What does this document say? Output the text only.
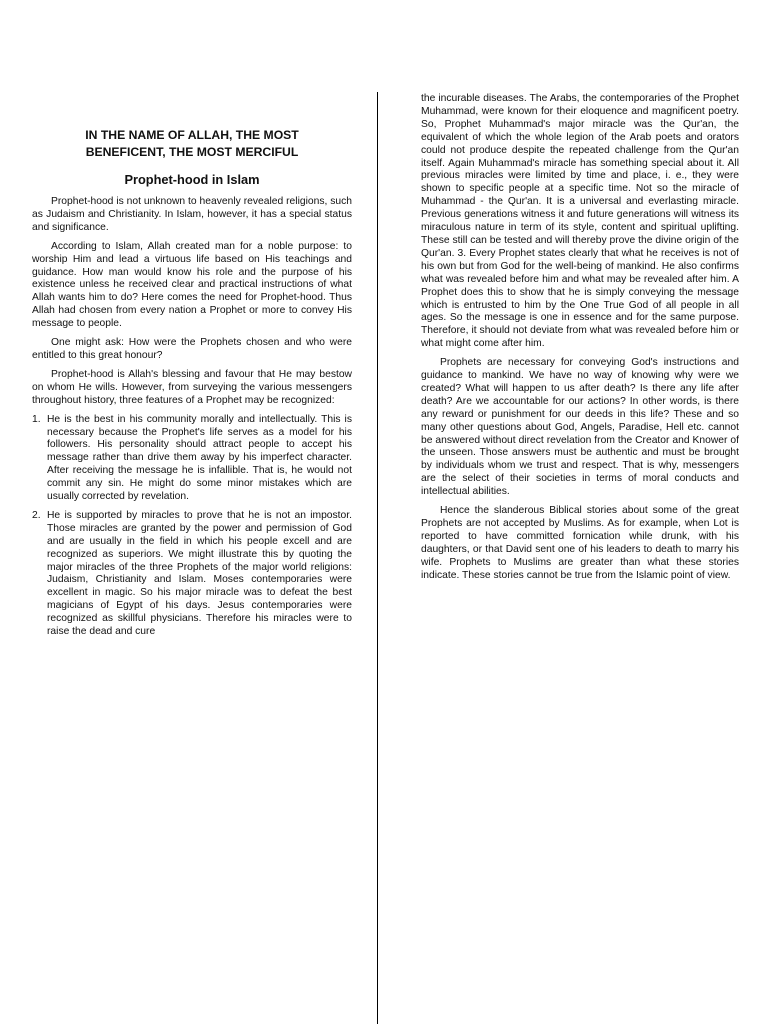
IN THE NAME OF ALLAH, THE MOST BENEFICENT, THE MOST MERCIFUL
Prophet-hood in Islam

Prophet-hood is not unknown to heavenly revealed religions, such as Judaism and Christianity. In Islam, however, it has a special status and significance.

According to Islam, Allah created man for a noble purpose: to worship Him and lead a virtuous life based on His teachings and guidance. How man would know his role and the purpose of his existence unless he received clear and practical instructions of what Allah wants him to do? Here comes the need for Prophet-hood. Thus Allah had chosen from every nation a Prophet or more to convey His message to people.

One might ask: How were the Prophets chosen and who were entitled to this great honour?

Prophet-hood is Allah's blessing and favour that He may bestow on whom He wills. However, from surveying the various messengers throughout history, three features of a Prophet may be recognized:

1. He is the best in his community morally and intellectually. This is necessary because the Prophet's life serves as a model for his followers. His personality should attract people to accept his message rather than drive them away by his imperfect character. After receiving the message he is infallible. That is, he would not commit any sin. He might do some minor mistakes which are usually corrected by revelation.
2. He is supported by miracles to prove that he is not an impostor. Those miracles are granted by the power and permission of God and are usually in the field in which his people excell and are recognized as superiors. We might illustrate this by quoting the major miracles of the three Prophets of the major world religions: Judaism, Christianity and Islam. Moses contemporaries were excellent in magic. So his major miracle was to defeat the best magicians of Egypt of his days. Jesus contemporaries were recognized as skillful physicians. Therefore his miracles were to raise the dead and cure

the incurable diseases. The Arabs, the contemporaries of the Prophet Muhammad, were known for their eloquence and magnificent poetry. So, Prophet Muhammad's major miracle was the Qur'an, the equivalent of which the whole legion of the Arab poets and orators could not produce despite the repeated challenge from the Qur'an itself. Again Muhammad's miracle has something special about it. All previous miracles were limited by time and place, i. e., they were shown to specific people at a specific time. Not so the miracle of Muhammad - the Qur'an. It is a universal and everlasting miracle. Previous generations witness it and future generations will witness its miraculous nature in term of its style, content and spiritual uplifting. These still can be tested and will thereby prove the divine origin of the Qur'an. 3. Every Prophet states clearly that what he receives is not of his own but from God for the well-being of mankind. He also confirms what was revealed before him and what may be revealed after him. A Prophet does this to show that he is simply conveying the message which is entrusted to him by the One True God of all people in all ages. So the message is one in essence and for the same purpose. Therefore, it should not deviate from what was revealed before him or what might come after him.

Prophets are necessary for conveying God's instructions and guidance to mankind. We have no way of knowing why were we created? What will happen to us after death? Is there any life after death? Are we accountable for our actions? In other words, is there any reward or punishment for our deeds in this life? These and so many other questions about God, Angels, Paradise, Hell etc. cannot be answered without direct revelation from the Creator and Knower of the unseen. Those answers must be authentic and must be brought by individuals whom we trust and respect. That is why, messengers are the select of their societies in terms of moral conducts and intellectual abilities.

Hence the slanderous Biblical stories about some of the great Prophets are not accepted by Muslims. As for example, when Lot is reported to have committed fornication while drunk, with his daughters, or that David sent one of his leaders to death to marry his wife. Prophets to Muslims are greater than what these stories indicate. These stories cannot be true from the Islamic point of view.
